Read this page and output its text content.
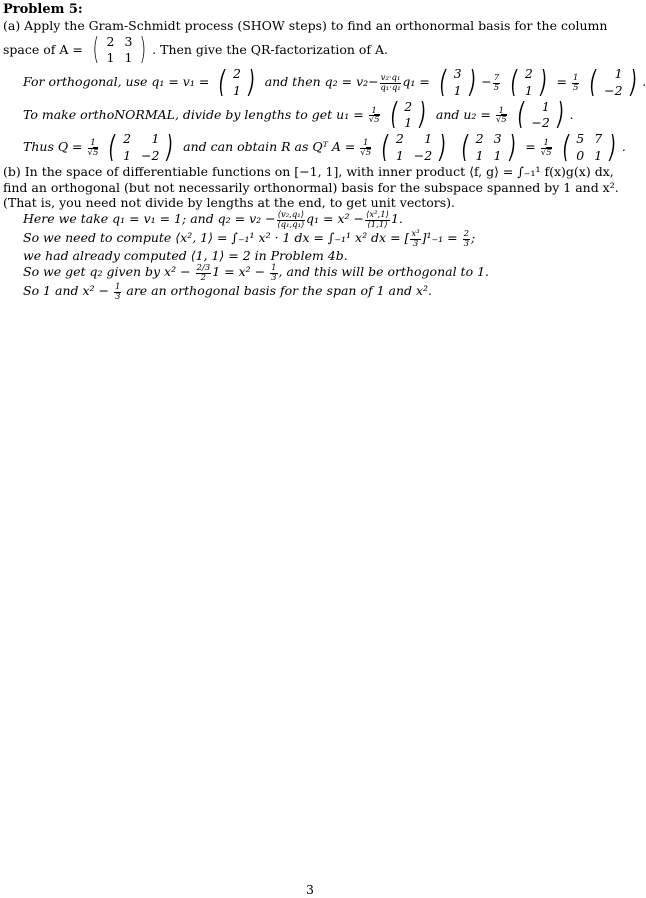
Problem 5:
(a) Apply the Gram-Schmidt process (SHOW steps) to find an orthonormal basis for the column
space of A = (	2	3
1	1
	) . Then give the QR-factorization of A.
For orthogonal, use q₁ = v₁ = (	2
1
	) and then $q_2 = v_2- \frac{\text{v₂·q₁}}{\text{q₁·q₁}} q_1$ = (	3
1
	) − $\frac{7}{5}$ (	2
1
	) = $\frac{1}{5}$ (	1
−2
	) .
To make orthoNORMAL, divide by lengths to get $u_1 = \frac{1}{√5}$ (	2
1
	) and $u_2 = \frac{1}{√5}$ (	1
−2
	) .
Thus $Q = \frac{1}{√5}$ (	2	1
1	−2
	) and can obtain R as Qᵀ $A = \frac{1}{√5}$ (	2	1
1	−2
	) (	2	3
1	1
	) = $\frac{1}{√5}$ (	5	7
0	1
	) .
(b) In the space of differentiable functions on [−1, 1], with inner product ⟨f, g⟩ = ∫₋₁¹ f(x)g(x) dx,
find an orthogonal (but not necessarily orthonormal) basis for the subspace spanned by 1 and x².
(That is, you need not divide by lengths at the end, to get unit vectors).
Here we take q₁ = v₁ = 1; and $q_2 = v_2 - \frac{\text{⟨v₂,q₁⟩}}{\text{⟨q₁,q₁⟩}} q_1 = x^2 - \frac{\text{⟨x²,1⟩}}{⟨1,1⟩} 1$.
So we need to compute ⟨x², 1⟩ = ∫₋₁¹ x² · 1 dx = ∫₋₁¹ x² dx = [ $\frac{\text{x³}}{3} ]^1_{-1} = \frac{2}{3}$ ;
we had already computed ⟨1, 1⟩ = 2 in Problem 4b.
So we get q₂ given by $x^2 - \frac{2/3}{2} 1 = x^2 - \frac{1}{3}$ , and this will be orthogonal to 1.
So 1 and $x^2 - \frac{1}{3}$ are an orthogonal basis for the span of 1 and x².
3
